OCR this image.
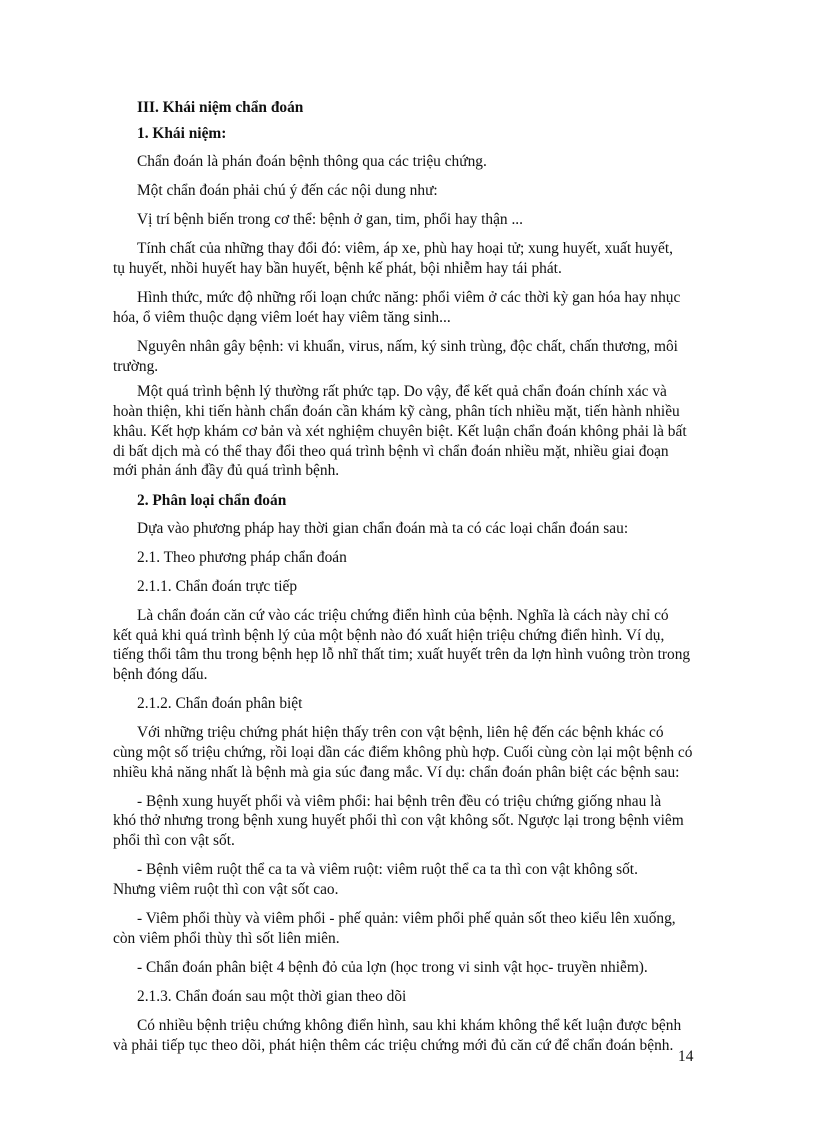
III. Khái niệm chẩn đoán
1. Khái niệm:
Chẩn đoán là phán đoán bệnh thông qua các triệu chứng.
Một chẩn đoán phải chú ý đến các nội dung như:
Vị trí bệnh biến trong cơ thể: bệnh ở gan, tim, phổi hay thận ...
Tính chất của những thay đổi đó: viêm, áp xe, phù hay hoại tử; xung huyết, xuất huyết,
tụ huyết, nhồi huyết hay bần huyết, bệnh kế phát, bội nhiễm hay tái phát.
Hình thức, mức độ những rối loạn chức năng: phổi viêm ở các thời kỳ gan hóa hay nhục
hóa, ổ viêm thuộc dạng viêm loét hay viêm tăng sinh...
Nguyên nhân gây bệnh: vi khuẩn, virus, nấm, ký sinh trùng, độc chất, chấn thương, môi
trường.
Một quá trình bệnh lý thường rất phức tạp. Do vậy, để kết quả chẩn đoán chính xác và
hoàn thiện, khi tiến hành chẩn đoán cần khám kỹ càng, phân tích nhiều mặt, tiến hành nhiều
khâu. Kết hợp khám cơ bản và xét nghiệm chuyên biệt. Kết luận chẩn đoán không phải là bất
di bất dịch mà có thể thay đổi theo quá trình bệnh vì chẩn đoán nhiều mặt, nhiều giai đoạn
mới phản ánh đầy đủ quá trình bệnh.
2. Phân loại chẩn đoán
Dựa vào phương pháp hay thời gian chẩn đoán mà ta có các loại chẩn đoán sau:
2.1. Theo phương pháp chẩn đoán
2.1.1. Chẩn đoán trực tiếp
Là chẩn đoán căn cứ vào các triệu chứng điển hình của bệnh. Nghĩa là cách này chỉ có
kết quả khi quá trình bệnh lý của một bệnh nào đó xuất hiện triệu chứng điển hình. Ví dụ,
tiếng thổi tâm thu trong bệnh hẹp lỗ nhĩ thất tim; xuất huyết trên da lợn hình vuông tròn trong
bệnh đóng dấu.
2.1.2. Chẩn đoán phân biệt
Với những triệu chứng phát hiện thấy trên con vật bệnh, liên hệ đến các bệnh khác có
cùng một số triệu chứng, rồi loại dần các điểm không phù hợp. Cuối cùng còn lại một bệnh có
nhiều khả năng nhất là bệnh mà gia súc đang mắc. Ví dụ: chẩn đoán phân biệt các bệnh sau:
- Bệnh xung huyết phổi và viêm phổi: hai bệnh trên đều có triệu chứng giống nhau là
khó thở nhưng trong bệnh xung huyết phổi thì con vật không sốt. Ngược lại trong bệnh viêm
phổi thì con vật sốt.
- Bệnh viêm ruột thể ca ta và viêm ruột: viêm ruột thể ca ta thì con vật không sốt.
Nhưng viêm ruột thì con vật sốt cao.
- Viêm phổi thùy và viêm phổi - phế quản: viêm phổi phế quản sốt theo kiểu lên xuống,
còn viêm phổi thùy thì sốt liên miên.
- Chẩn đoán phân biệt 4 bệnh đỏ của lợn (học trong vi sinh vật học- truyền nhiễm).
2.1.3. Chẩn đoán sau một thời gian theo dõi
Có nhiều bệnh triệu chứng không điển hình, sau khi khám không thể kết luận được bệnh
và phải tiếp tục theo dõi, phát hiện thêm các triệu chứng mới đủ căn cứ để chẩn đoán bệnh.
14
